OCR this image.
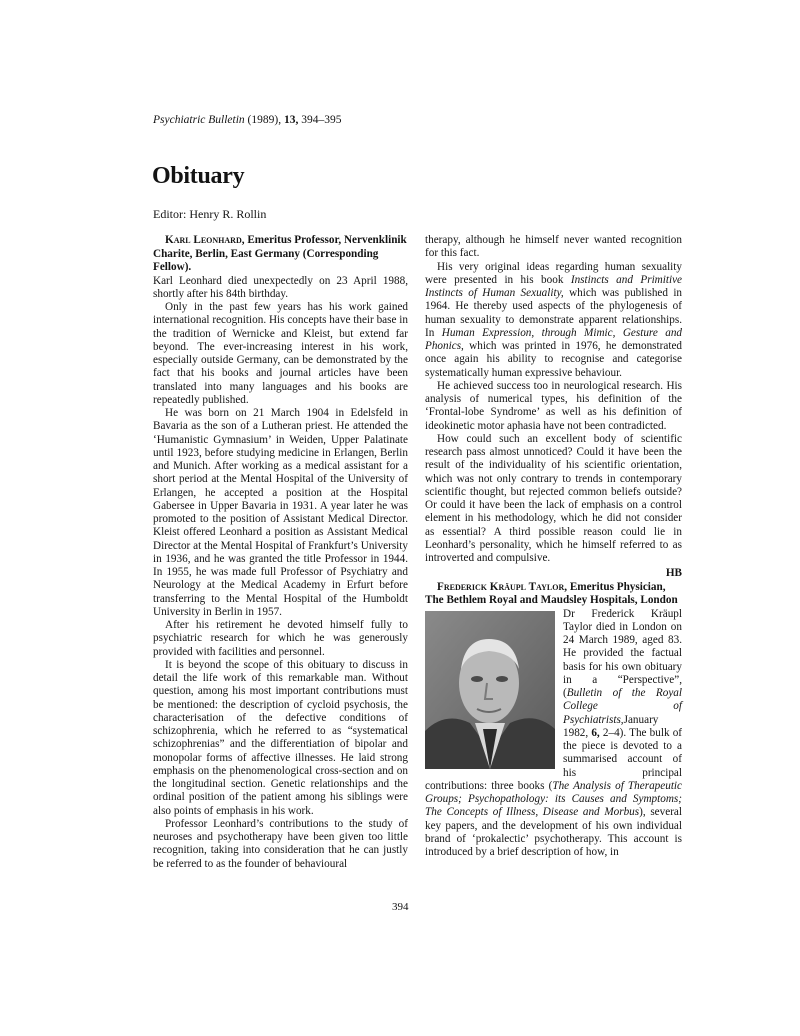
Psychiatric Bulletin (1989), 13, 394–395
Obituary
Editor: Henry R. Rollin

Karl Leonhard, Emeritus Professor, Nervenklinik Charite, Berlin, East Germany (Corresponding Fellow).

Karl Leonhard died unexpectedly on 23 April 1988, shortly after his 84th birthday.

Only in the past few years has his work gained international recognition. His concepts have their base in the tradition of Wernicke and Kleist, but extend far beyond. The ever-increasing interest in his work, especially outside Germany, can be demonstrated by the fact that his books and journal articles have been translated into many languages and his books are repeatedly published.

He was born on 21 March 1904 in Edelsfeld in Bavaria as the son of a Lutheran priest. He attended the ‘Humanistic Gymnasium’ in Weiden, Upper Palatinate until 1923, before studying medicine in Erlangen, Berlin and Munich. After working as a medical assistant for a short period at the Mental Hospital of the University of Erlangen, he accepted a position at the Hospital Gabersee in Upper Bavaria in 1931. A year later he was promoted to the position of Assistant Medical Director. Kleist offered Leonhard a position as Assistant Medical Director at the Mental Hospital of Frankfurt’s University in 1936, and he was granted the title Professor in 1944. In 1955, he was made full Professor of Psychiatry and Neurology at the Medical Academy in Erfurt before transferring to the Mental Hospital of the Humboldt University in Berlin in 1957.

After his retirement he devoted himself fully to psychiatric research for which he was generously provided with facilities and personnel.

It is beyond the scope of this obituary to discuss in detail the life work of this remarkable man. Without question, among his most important contributions must be mentioned: the description of cycloid psychosis, the characterisation of the defective conditions of schizophrenia, which he referred to as “systematical schizophrenias” and the differentiation of bipolar and monopolar forms of affective illnesses. He laid strong emphasis on the phenomenological cross-section and on the longitudinal section. Genetic relationships and the ordinal position of the patient among his siblings were also points of emphasis in his work.

Professor Leonhard’s contributions to the study of neuroses and psychotherapy have been given too little recognition, taking into consideration that he can justly be referred to as the founder of behavioural

therapy, although he himself never wanted recognition for this fact.

His very original ideas regarding human sexuality were presented in his book Instincts and Primitive Instincts of Human Sexuality, which was published in 1964. He thereby used aspects of the phylogenesis of human sexuality to demonstrate apparent relationships. In Human Expression, through Mimic, Gesture and Phonics, which was printed in 1976, he demonstrated once again his ability to recognise and categorise systematically human expressive behaviour.

He achieved success too in neurological research. His analysis of numerical types, his definition of the ‘Frontal-lobe Syndrome’ as well as his definition of ideokinetic motor aphasia have not been contradicted.

How could such an excellent body of scientific research pass almost unnoticed? Could it have been the result of the individuality of his scientific orientation, which was not only contrary to trends in contemporary scientific thought, but rejected common beliefs outside? Or could it have been the lack of emphasis on a control element in his methodology, which he did not consider as essential? A third possible reason could lie in Leonhard’s personality, which he himself referred to as introverted and compulsive.

HB

Frederick Kräupl Taylor, Emeritus Physician, The Bethlem Royal and Maudsley Hospitals, London

Dr Frederick Kräupl Taylor died in London on 24 March 1989, aged 83. He provided the factual basis for his own obituary in a “Perspective”, (Bulletin of the Royal College of Psychiatrists,January 1982, 6, 2–4). The bulk of the piece is devoted to a summarised account of his principal contributions: three books (The Analysis of Therapeutic Groups; Psychopathology: its Causes and Symptoms; The Concepts of Illness, Disease and Morbus), several key papers, and the development of his own individual brand of ‘prokalectic’ psychotherapy. This account is introduced by a brief description of how, in

394
